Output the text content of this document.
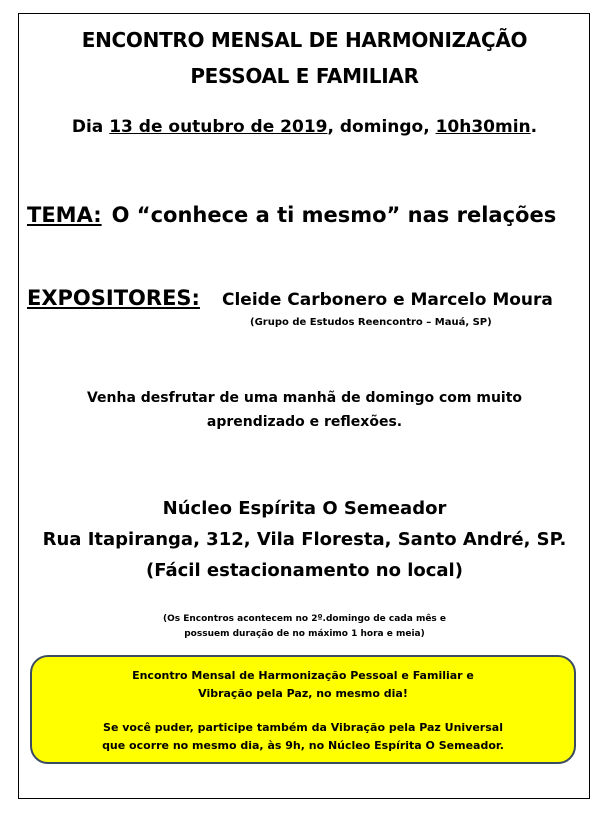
ENCONTRO MENSAL DE HARMONIZAÇÃO
PESSOAL E FAMILIAR
Dia 13 de outubro de 2019, domingo, 10h30min.
TEMA: O “conhece a ti mesmo” nas relações
EXPOSITORES: Cleide Carbonero e Marcelo Moura
(Grupo de Estudos Reencontro – Mauá, SP)
Venha desfrutar de uma manhã de domingo com muito
aprendizado e reflexões.
Núcleo Espírita O Semeador
Rua Itapiranga, 312, Vila Floresta, Santo André, SP.
(Fácil estacionamento no local)
(Os Encontros acontecem no 2º.domingo de cada mês e
possuem duração de no máximo 1 hora e meia)
Encontro Mensal de Harmonização Pessoal e Familiar e
Vibração pela Paz, no mesmo dia!
Se você puder, participe também da Vibração pela Paz Universal
que ocorre no mesmo dia, às 9h, no Núcleo Espírita O Semeador.
